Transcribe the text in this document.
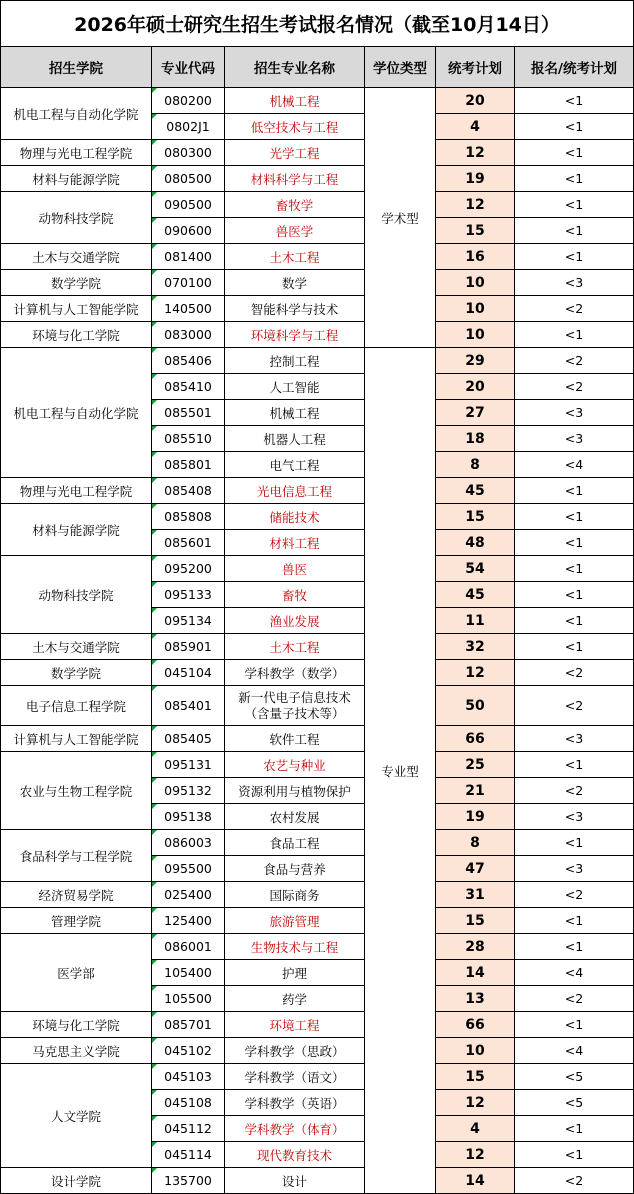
2026年硕士研究生招生考试报名情况（截至10月14日）					
招生学院	专业代码	招生专业名称	学位类型	统考计划	报名/统考计划
机电工程与自动化学院	080200	机械工程	学术型	20	<1
	0802J1	低空技术与工程		4	<1
物理与光电工程学院	080300	光学工程		12	<1
材料与能源学院	080500	材料科学与工程		19	<1
动物科技学院	090500	畜牧学		12	<1
	090600	兽医学		15	<1
土木与交通学院	081400	土木工程		16	<1
数学学院	070100	数学		10	<3
计算机与人工智能学院	140500	智能科学与技术		10	<2
环境与化工学院	083000	环境科学与工程		10	<1
机电工程与自动化学院	085406	控制工程	专业型	29	<2
	085410	人工智能		20	<2
	085501	机械工程		27	<3
	085510	机器人工程		18	<3
	085801	电气工程		8	<4
物理与光电工程学院	085408	光电信息工程		45	<1
材料与能源学院	085808	储能技术		15	<1
	085601	材料工程		48	<1
动物科技学院	095200	兽医		54	<1
	095133	畜牧		45	<1
	095134	渔业发展		11	<1
土木与交通学院	085901	土木工程		32	<1
数学学院	045104	学科教学（数学）		12	<2
电子信息工程学院	085401	新一代电子信息技术
（含量子技术等）		50	<2
计算机与人工智能学院	085405	软件工程		66	<3
农业与生物工程学院	095131	农艺与种业		25	<1
	095132	资源利用与植物保护		21	<2
	095138	农村发展		19	<3
食品科学与工程学院	086003	食品工程		8	<1
	095500	食品与营养		47	<3
经济贸易学院	025400	国际商务		31	<2
管理学院	125400	旅游管理		15	<1
医学部	086001	生物技术与工程		28	<1
	105400	护理		14	<4
	105500	药学		13	<2
环境与化工学院	085701	环境工程		66	<1
马克思主义学院	045102	学科教学（思政）		10	<4
人文学院	045103	学科教学（语文）		15	<5
	045108	学科教学（英语）		12	<5
	045112	学科教学（体育）		4	<1
	045114	现代教育技术		12	<1
设计学院	135700	设计		14	<2
